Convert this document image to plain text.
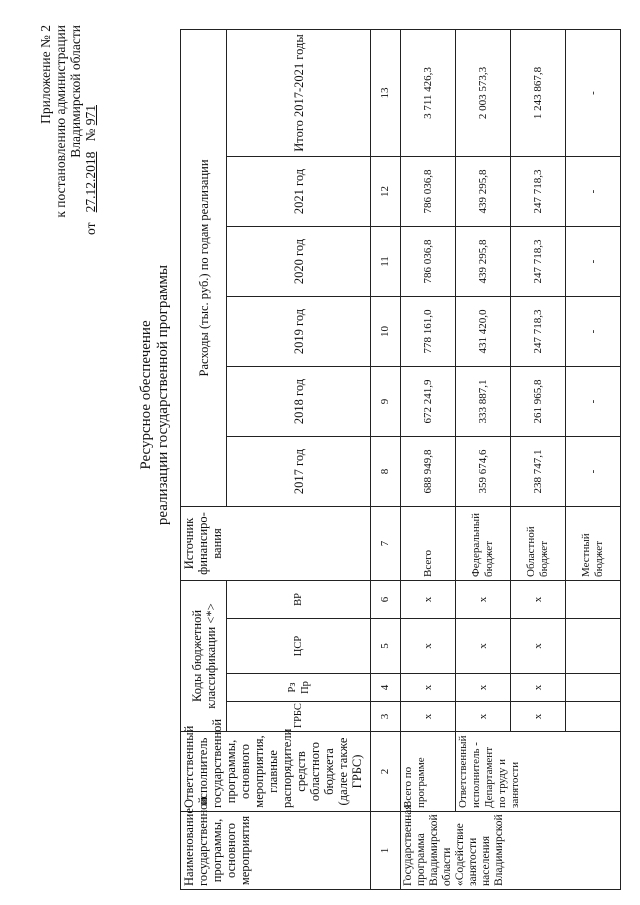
Приложение № 2 к постановлению администрации Владимирской области
от   27.12.2018   № 971
Ресурсное обеспечение реализации государственной программы
Наименование государственной программы, основного мероприятия	Ответственный исполнитель государственной программы, основного мероприятия, главные распорядители средств областного бюджета (далее также ГРБС)	Коды бюджетной классификации <*>				Источник финансиро-вания	Расходы (тыс. руб.) по годам реализации					
		ГРБС	Рз Пр	ЦСР	ВР		2017 год	2018 год	2019 год	2020 год	2021 год	Итого 2017-2021 годы

1	2	3	4	5	6	7	8	9	10	11	12	13
Государственная программа Владимирской области «Содействие занятости населения Владимирской	Всего по программе	х	х	х	х	Всего	688 949,8	672 241,9	778 161,0	786 036,8	786 036,8	3 711 426,3
	Ответственный исполнитель - Департамент по труду и занятости	х	х	х	х	Федеральный бюджет	359 674,6	333 887,1	431 420,0	439 295,8	439 295,8	2 003 573,3
		х	х	х	х	Областной бюджет	238 747,1	261 965,8	247 718,3	247 718,3	247 718,3	1 243 867,8
						Местный бюджет	-	-	-	-	-	-
